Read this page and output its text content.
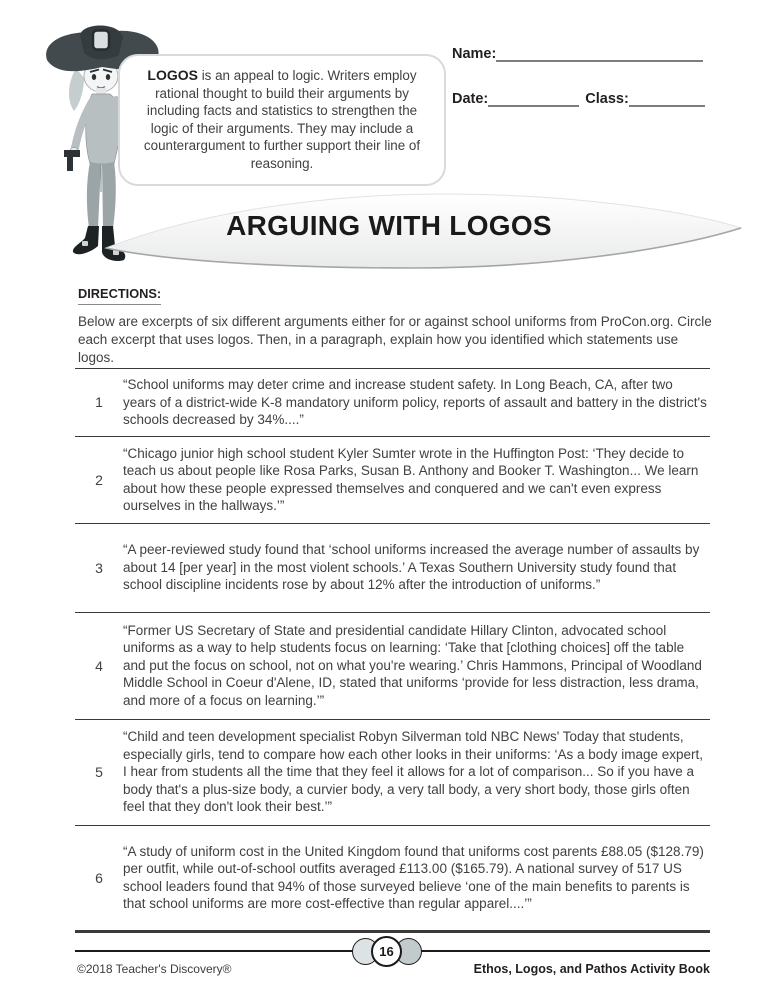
LOGOS is an appeal to logic. Writers employ rational thought to build their arguments by including facts and statistics to strengthen the logic of their arguments. They may include a counterargument to further support their line of reasoning.
Name:
Date:	Class:
ARGUING WITH LOGOS
DIRECTIONS:
Below are excerpts of six different arguments either for or against school uniforms from ProCon.org. Circle each excerpt that uses logos. Then, in a paragraph, explain how you identified which statements use logos.
1
“School uniforms may deter crime and increase student safety. In Long Beach, CA, after two years of a district-wide K-8 mandatory uniform policy, reports of assault and battery in the district's schools decreased by 34%....”
2
“Chicago junior high school student Kyler Sumter wrote in the Huffington Post: ‘They decide to teach us about people like Rosa Parks, Susan B. Anthony and Booker T. Washington... We learn about how these people expressed themselves and conquered and we can't even express ourselves in the hallways.’”
3
“A peer-reviewed study found that ‘school uniforms increased the average number of assaults by about 14 [per year] in the most violent schools.’ A Texas Southern University study found that school discipline incidents rose by about 12% after the introduction of uniforms.”
4
“Former US Secretary of State and presidential candidate Hillary Clinton, advocated school uniforms as a way to help students focus on learning: ‘Take that [clothing choices] off the table and put the focus on school, not on what you're wearing.’ Chris Hammons, Principal of Woodland Middle School in Coeur d'Alene, ID, stated that uniforms ‘provide for less distraction, less drama, and more of a focus on learning.’”
5
“Child and teen development specialist Robyn Silverman told NBC News' Today that students, especially girls, tend to compare how each other looks in their uniforms: ‘As a body image expert, I hear from students all the time that they feel it allows for a lot of comparison... So if you have a body that's a plus-size body, a curvier body, a very tall body, a very short body, those girls often feel that they don't look their best.’”
6
“A study of uniform cost in the United Kingdom found that uniforms cost parents £88.05 ($128.79) per outfit, while out-of-school outfits averaged £113.00 ($165.79). A national survey of 517 US school leaders found that 94% of those surveyed believe ‘one of the main benefits to parents is that school uniforms are more cost-effective than regular apparel....’”
16
©2018 Teacher's Discovery®	Ethos, Logos, and Pathos Activity Book
